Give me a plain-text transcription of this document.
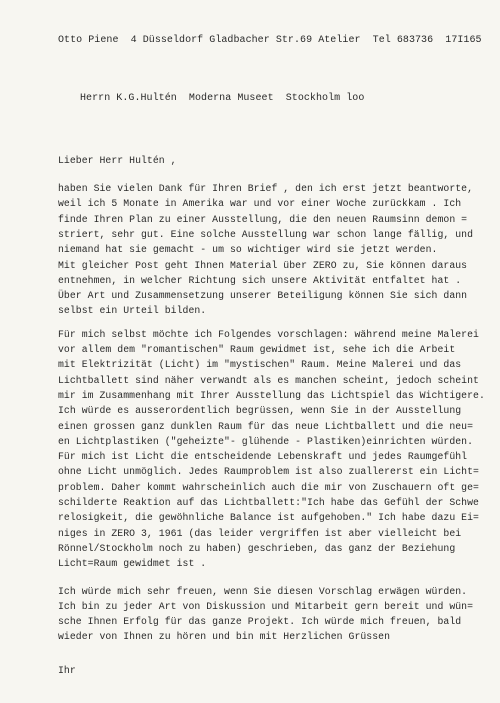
Otto Piene  4 Düsseldorf Gladbacher Str.69 Atelier  Tel 683736  17I165
Herrn K.G.Hultén  Moderna Museet  Stockholm loo
Lieber Herr Hultén ,
haben Sie vielen Dank für Ihren Brief , den ich erst jetzt beantworte,
weil ich 5 Monate in Amerika war und vor einer Woche zurückkam . Ich
finde Ihren Plan zu einer Ausstellung, die den neuen Raumsinn demon =
striert, sehr gut. Eine solche Ausstellung war schon lange fällig, und
niemand hat sie gemacht - um so wichtiger wird sie jetzt werden.
Mit gleicher Post geht Ihnen Material über ZERO zu, Sie können daraus
entnehmen, in welcher Richtung sich unsere Aktivität entfaltet hat .
Über Art und Zusammensetzung unserer Beteiligung können Sie sich dann
selbst ein Urteil bilden.
Für mich selbst möchte ich Folgendes vorschlagen: während meine Malerei
vor allem dem "romantischen" Raum gewidmet ist, sehe ich die Arbeit
mit Elektrizität (Licht) im "mystischen" Raum. Meine Malerei und das
Lichtballett sind näher verwandt als es manchen scheint, jedoch scheint
mir im Zusammenhang mit Ihrer Ausstellung das Lichtspiel das Wichtigere.
Ich würde es ausserordentlich begrüssen, wenn Sie in der Ausstellung
einen grossen ganz dunklen Raum für das neue Lichtballett und die neu=
en Lichtplastiken ("geheizte"- glühende - Plastiken)einrichten würden.
Für mich ist Licht die entscheidende Lebenskraft und jedes Raumgefühl
ohne Licht unmöglich. Jedes Raumproblem ist also zuallererst ein Licht=
problem. Daher kommt wahrscheinlich auch die mir von Zuschauern oft ge=
schilderte Reaktion auf das Lichtballett:"Ich habe das Gefühl der Schwe
relosigkeit, die gewöhnliche Balance ist aufgehoben." Ich habe dazu Ei=
niges in ZERO 3, 1961 (das leider vergriffen ist aber vielleicht bei
Rönnel/Stockholm noch zu haben) geschrieben, das ganz der Beziehung
Licht=Raum gewidmet ist .
Ich würde mich sehr freuen, wenn Sie diesen Vorschlag erwägen würden.
Ich bin zu jeder Art von Diskussion und Mitarbeit gern bereit und wün=
sche Ihnen Erfolg für das ganze Projekt. Ich würde mich freuen, bald
wieder von Ihnen zu hören und bin mit Herzlichen Grüssen
Ihr
